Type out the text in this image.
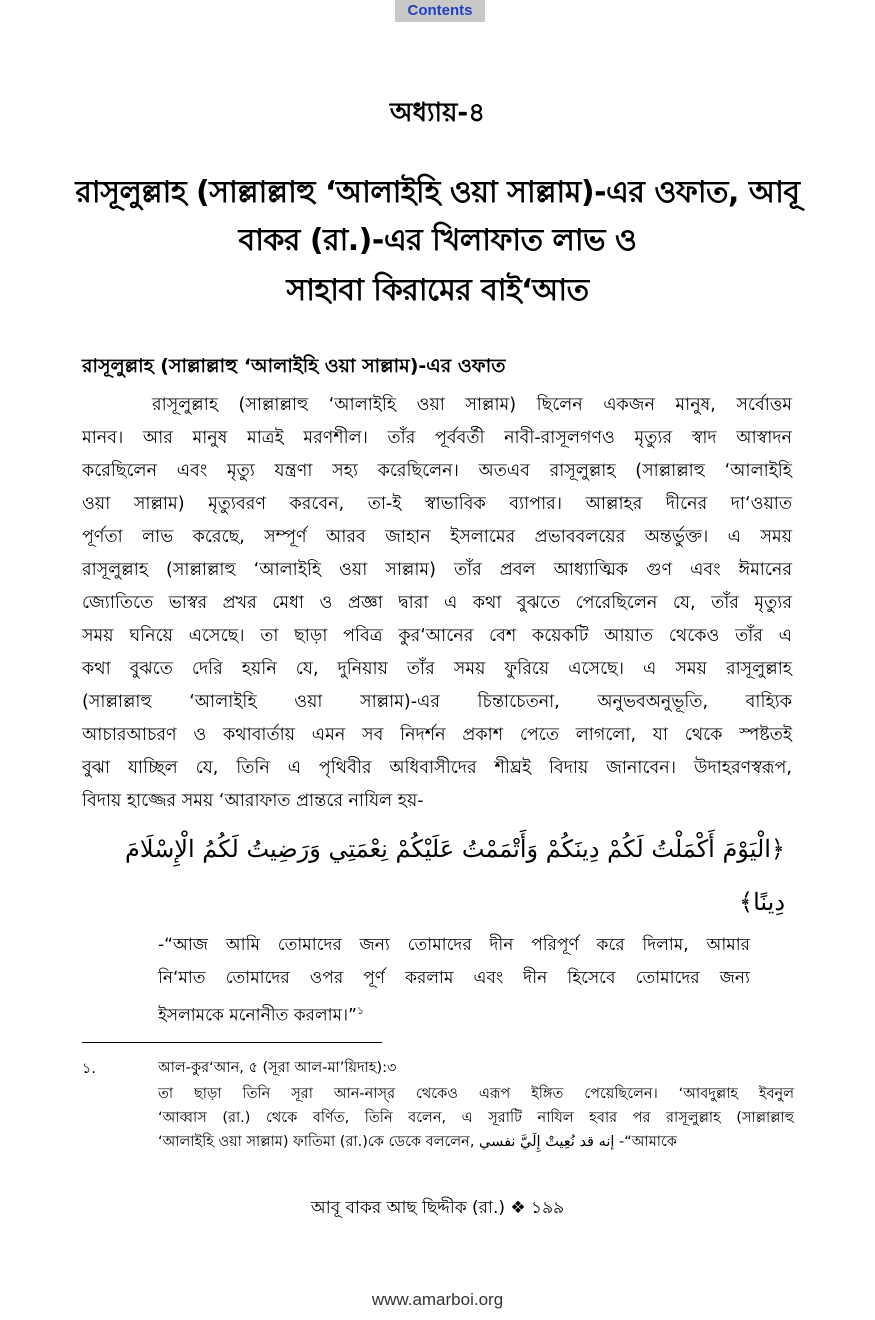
Contents
অধ্যায়-৪
রাসূলুল্লাহ (সাল্লাল্লাহু ‘আলাইহি ওয়া সাল্লাম)-এর ওফাত, আবূ
বাকর (রা.)-এর খিলাফাত লাভ ও
সাহাবা কিরামের বাই‘আত
রাসূলুল্লাহ (সাল্লাল্লাহু ‘আলাইহি ওয়া সাল্লাম)-এর ওফাত
রাসূলুল্লাহ (সাল্লাল্লাহু ‘আলাইহি ওয়া সাল্লাম) ছিলেন একজন মানুষ, সর্বোত্তম
মানব। আর মানুষ মাত্রই মরণশীল। তাঁর পূর্ববর্তী নাবী-রাসূলগণও মৃত্যুর স্বাদ আস্বাদন
করেছিলেন এবং মৃত্যু যন্ত্রণা সহ্য করেছিলেন। অতএব রাসূলুল্লাহ (সাল্লাল্লাহু ‘আলাইহি
ওয়া সাল্লাম) মৃত্যুবরণ করবেন, তা-ই স্বাভাবিক ব্যাপার। আল্লাহর দীনের দা‘ওয়াত
পূর্ণতা লাভ করেছে, সম্পূর্ণ আরব জাহান ইসলামের প্রভাববলয়ের অন্তর্ভুক্ত। এ সময়
রাসূলুল্লাহ (সাল্লাল্লাহু ‘আলাইহি ওয়া সাল্লাম) তাঁর প্রবল আধ্যাত্মিক গুণ এবং ঈমানের
জ্যোতিতে ভাস্বর প্রখর মেধা ও প্রজ্ঞা দ্বারা এ কথা বুঝতে পেরেছিলেন যে, তাঁর মৃত্যুর
সময় ঘনিয়ে এসেছে। তা ছাড়া পবিত্র কুর‘আনের বেশ কয়েকটি আয়াত থেকেও তাঁর এ
কথা বুঝতে দেরি হয়নি যে, দুনিয়ায় তাঁর সময় ফুরিয়ে এসেছে। এ সময় রাসূলুল্লাহ
(সাল্লাল্লাহু ‘আলাইহি ওয়া সাল্লাম)-এর চিন্তাচেতনা, অনুভবঅনুভূতি, বাহ্যিক
আচারআচরণ ও কথাবার্তায় এমন সব নিদর্শন প্রকাশ পেতে লাগলো, যা থেকে স্পষ্টতই
বুঝা যাচ্ছিল যে, তিনি এ পৃথিবীর অধিবাসীদের শীঘ্রই বিদায় জানাবেন। উদাহরণস্বরূপ,
বিদায় হাজ্জের সময় ‘আরাফাত প্রান্তরে নাযিল হয়-
﴿الْيَوْمَ أَكْمَلْتُ لَكُمْ دِينَكُمْ وَأَتْمَمْتُ عَلَيْكُمْ نِعْمَتِي وَرَضِيتُ لَكُمُ الْإِسْلَامَ
دِينًا﴾
-“আজ আমি তোমাদের জন্য তোমাদের দীন পরিপূর্ণ করে দিলাম, আমার
নি‘মাত তোমাদের ওপর পূর্ণ করলাম এবং দীন হিসেবে তোমাদের জন্য
ইসলামকে মনোনীত করলাম।”$^১$
১.	আল-কুর‘আন, ৫ (সূরা আল-মা’য়িদাহ):৩
তা ছাড়া তিনি সূরা আন-নাস্‌র থেকেও এরূপ ইঙ্গিত পেয়েছিলেন। ‘আবদুল্লাহ ইবনুল
‘আব্বাস (রা.) থেকে বর্ণিত, তিনি বলেন, এ সূরাটি নাযিল হবার পর রাসূলুল্লাহ (সাল্লাল্লাহু
‘আলাইহি ওয়া সাল্লাম) ফাতিমা (রা.)কে ডেকে বললেন, إنه قد نُعِيتْ إِلَيَّ نفسي -“আমাকে
আবূ বাকর আছ ছিদ্দীক (রা.) ❖ ১৯৯
www.amarboi.org
